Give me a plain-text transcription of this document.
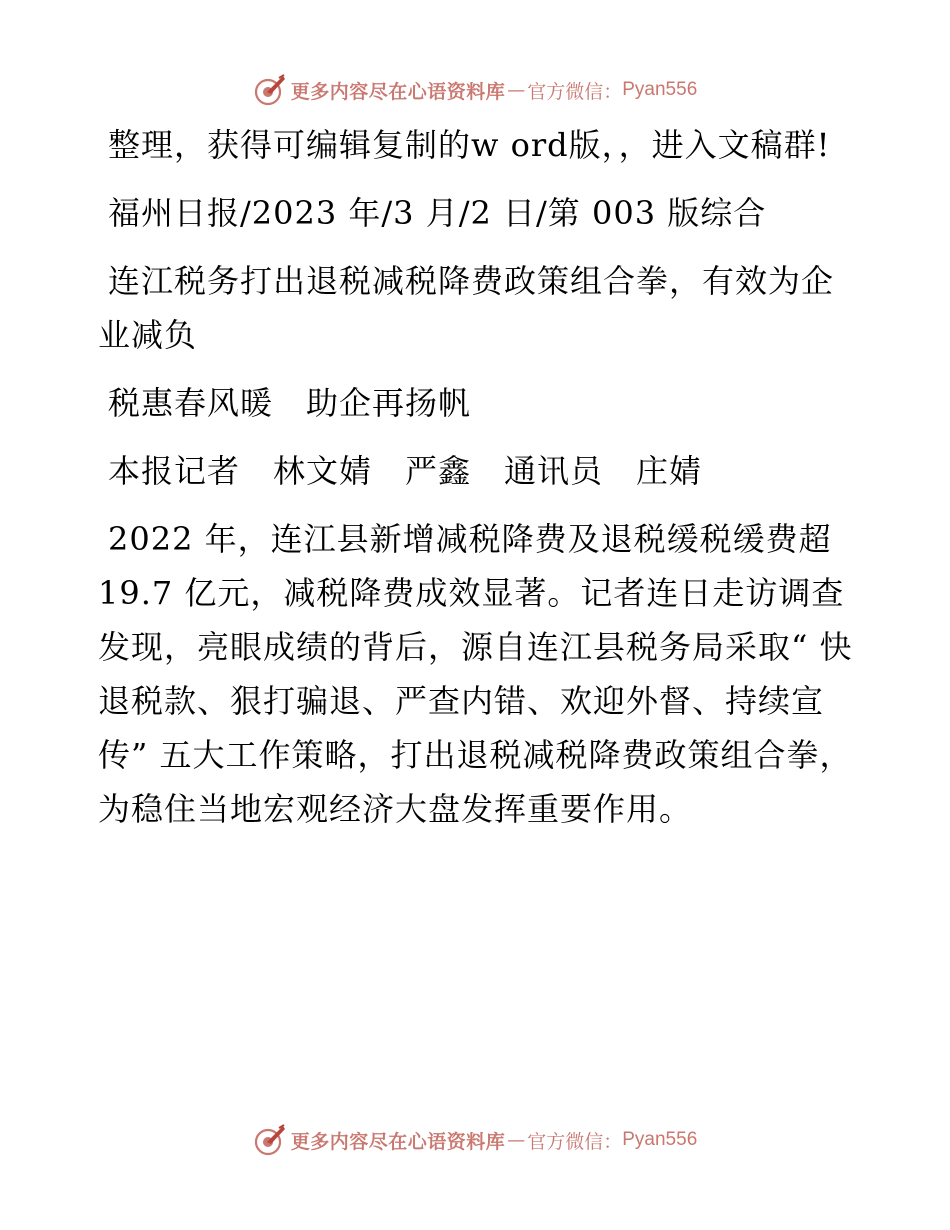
更多内容尽在心语资料库 — 官方微信： Pyan556

整理，获得可编辑复制的w ord版，，进入文稿群!

福州日报/2023 年/3 月/2 日/第 003 版综合

连江税务打出退税减税降费政策组合拳，有效为企业减负

税惠春风暖　助企再扬帆

本报记者　林文婧　严鑫　通讯员　庄婧

2022 年，连江县新增减税降费及退税缓税缓费超 19.7 亿元，减税降费成效显著。记者连日走访调查发现，亮眼成绩的背后，源自连江县税务局采取“ 快退税款、狠打骗退、严查内错、欢迎外督、持续宣传” 五大工作策略，打出退税减税降费政策组合拳，为稳住当地宏观经济大盘发挥重要作用。

更多内容尽在心语资料库 — 官方微信： Pyan556
